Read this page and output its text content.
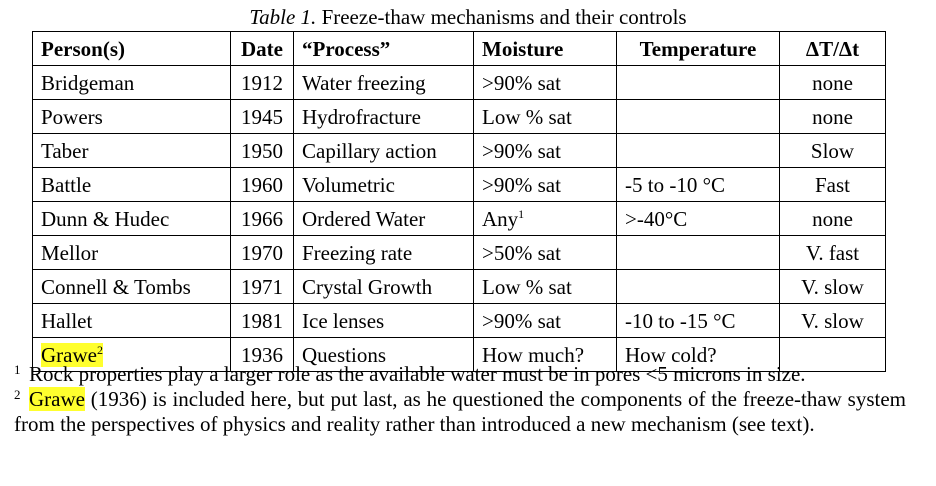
Table 1. Freeze-thaw mechanisms and their controls
Person(s)	Date	“Process”	Moisture	Temperature	ΔT/Δt
Bridgeman	1912	Water freezing	>90% sat		none
Powers	1945	Hydrofracture	Low % sat		none
Taber	1950	Capillary action	>90% sat		Slow
Battle	1960	Volumetric	>90% sat	-5 to -10 °C	Fast
Dunn & Hudec	1966	Ordered Water	Any$^1$	>-40°C	none
Mellor	1970	Freezing rate	>50% sat		V. fast
Connell & Tombs	1971	Crystal Growth	Low % sat		V. slow
Hallet	1981	Ice lenses	>90% sat	-10 to -15 °C	V. slow
Grawe$^2$	1936	Questions	How much?	How cold?	
1 Rock properties play a larger role as the available water must be in pores <5 microns in size.
2 Grawe (1936) is included here, but put last, as he questioned the components of the freeze-thaw system from the perspectives of physics and reality rather than introduced a new mechanism (see text).
